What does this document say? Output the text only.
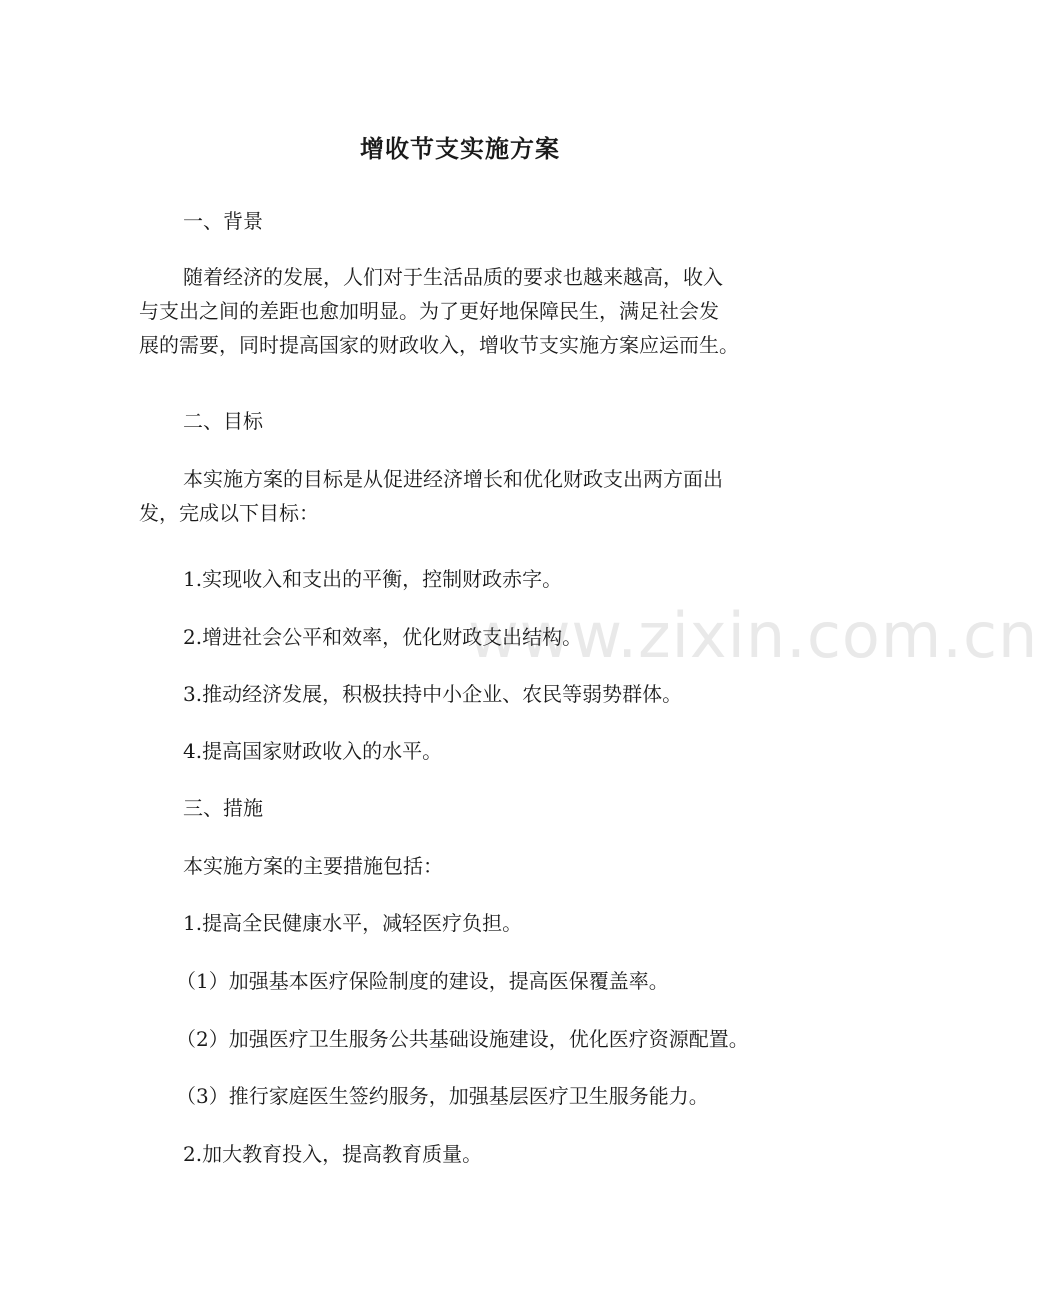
www.zixin.com.cn
增收节支实施方案
一、背景
随着经济的发展，人们对于生活品质的要求也越来越高，收入
与支出之间的差距也愈加明显。为了更好地保障民生，满足社会发
展的需要，同时提高国家的财政收入，增收节支实施方案应运而生。
二、目标
本实施方案的目标是从促进经济增长和优化财政支出两方面出
发，完成以下目标：
1.实现收入和支出的平衡，控制财政赤字。
2.增进社会公平和效率，优化财政支出结构。
3.推动经济发展，积极扶持中小企业、农民等弱势群体。
4.提高国家财政收入的水平。
三、措施
本实施方案的主要措施包括：
1.提高全民健康水平，减轻医疗负担。
（1）加强基本医疗保险制度的建设，提高医保覆盖率。
（2）加强医疗卫生服务公共基础设施建设，优化医疗资源配置。
（3）推行家庭医生签约服务，加强基层医疗卫生服务能力。
2.加大教育投入，提高教育质量。
